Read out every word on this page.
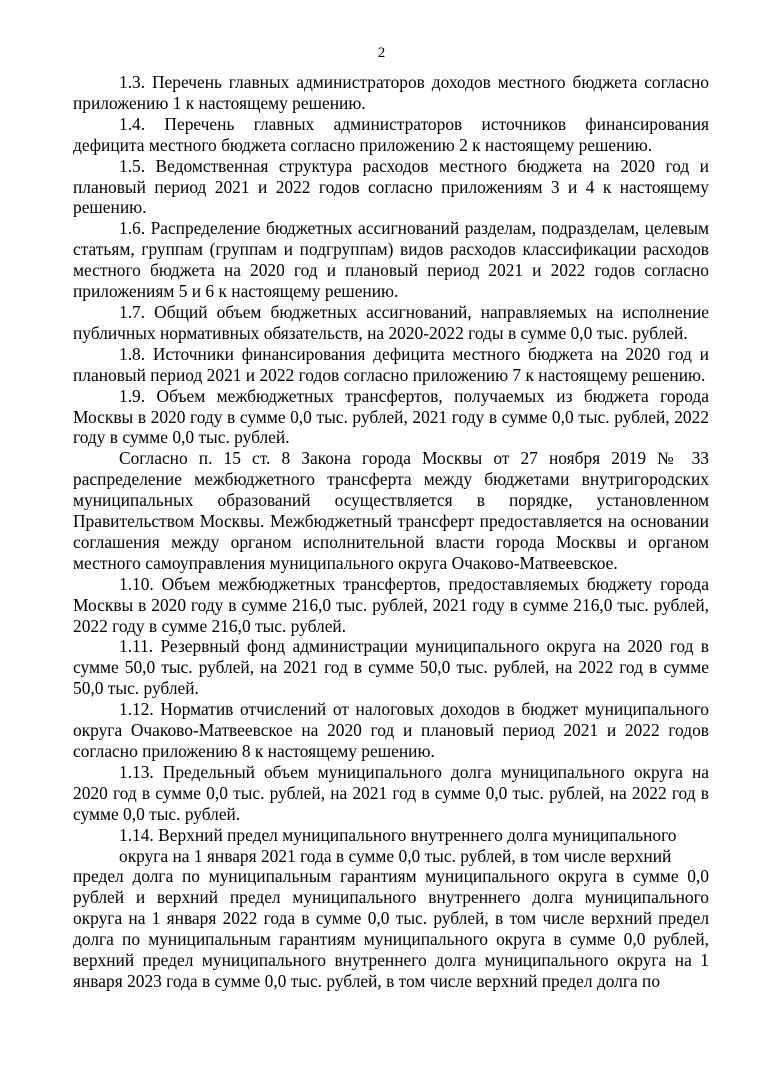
2

1.3. Перечень главных администраторов доходов местного бюджета согласно приложению 1 к настоящему решению.

1.4. Перечень главных администраторов источников финансирования дефицита местного бюджета согласно приложению 2 к настоящему решению.

1.5. Ведомственная структура расходов местного бюджета на 2020 год и плановый период 2021 и 2022 годов согласно приложениям 3 и 4 к настоящему решению.

1.6. Распределение бюджетных ассигнований разделам, подразделам, целевым статьям, группам (группам и подгруппам) видов расходов классификации расходов местного бюджета на 2020 год и плановый период 2021 и 2022 годов согласно приложениям 5 и 6 к настоящему решению.

1.7. Общий объем бюджетных ассигнований, направляемых на исполнение публичных нормативных обязательств, на 2020-2022 годы в сумме 0,0 тыс. рублей.

1.8. Источники финансирования дефицита местного бюджета на 2020 год и плановый период 2021 и 2022 годов согласно приложению 7 к настоящему решению.

1.9. Объем межбюджетных трансфертов, получаемых из бюджета города Москвы в 2020 году в сумме 0,0 тыс. рублей, 2021 году в сумме 0,0 тыс. рублей, 2022 году в сумме 0,0 тыс. рублей.

Согласно п. 15 ст. 8 Закона города Москвы от 27 ноября 2019 № 33 распределение межбюджетного трансферта между бюджетами внутригородских муниципальных образований осуществляется в порядке, установленном Правительством Москвы. Межбюджетный трансферт предоставляется на основании соглашения между органом исполнительной власти города Москвы и органом местного самоуправления муниципального округа Очаково-Матвеевское.

1.10. Объем межбюджетных трансфертов, предоставляемых бюджету города Москвы в 2020 году в сумме 216,0 тыс. рублей, 2021 году в сумме 216,0 тыс. рублей, 2022 году в сумме 216,0 тыс. рублей.

1.11. Резервный фонд администрации муниципального округа на 2020 год в сумме 50,0 тыс. рублей, на 2021 год в сумме 50,0 тыс. рублей, на 2022 год в сумме 50,0 тыс. рублей.

1.12. Норматив отчислений от налоговых доходов в бюджет муниципального округа Очаково-Матвеевское на 2020 год и плановый период 2021 и 2022 годов согласно приложению 8 к настоящему решению.

1.13. Предельный объем муниципального долга муниципального округа на 2020 год в сумме 0,0 тыс. рублей, на 2021 год в сумме 0,0 тыс. рублей, на 2022 год в сумме 0,0 тыс. рублей.

1.14. Верхний предел муниципального внутреннего долга муниципального
округа на 1 января 2021 года в сумме 0,0 тыс. рублей, в том числе верхний
предел долга по муниципальным гарантиям муниципального округа в сумме 0,0 рублей и верхний предел муниципального внутреннего долга муниципального округа на 1 января 2022 года в сумме 0,0 тыс. рублей, в том числе верхний предел долга по муниципальным гарантиям муниципального округа в сумме 0,0 рублей, верхний предел муниципального внутреннего долга муниципального округа на 1 января 2023 года в сумме 0,0 тыс. рублей, в том числе верхний предел долга по
